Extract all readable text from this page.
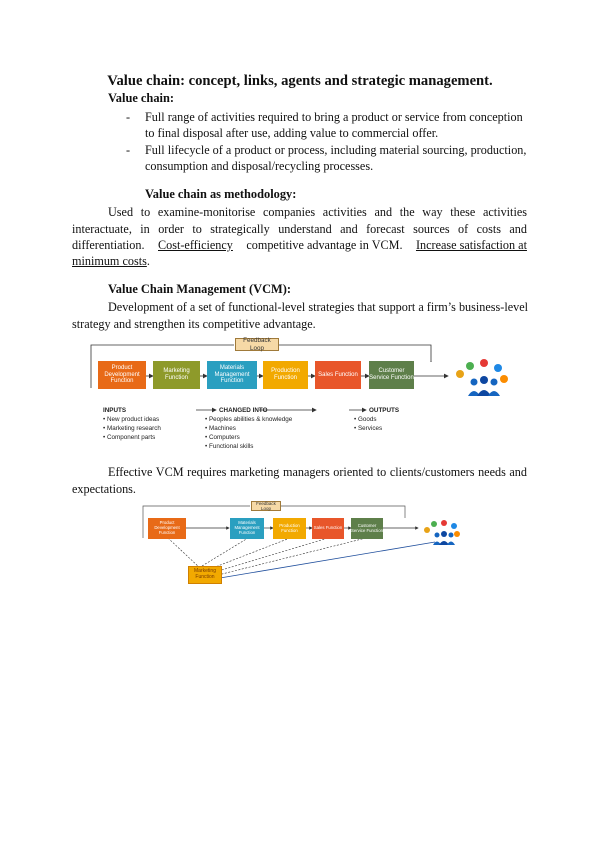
Value chain: concept, links, agents and strategic management.
Value chain:
- Full range of activities required to bring a product or service from conception
to final disposal after use, adding value to commercial offer.
- Full lifecycle of a product or process, including material sourcing, production,
consumption and disposal/recycling processes.
Value chain as methodology:
Used to examine-monitorise companies activities and the way these activities
interactuate, in order to strategically understand and forecast sources of costs and
differentiation. Cost-efficiency competitive advantage in VCM. Increase satisfaction at
minimum costs.
Value Chain Management (VCM):
Development of a set of functional-level strategies that support a firm’s business-level
strategy and strengthen its competitive advantage.
Feedback Loop
Product Development Function
Marketing Function
Materials Management Function
Production Function
Sales Function
Customer Service Function
INPUTS
• New product ideas
• Marketing research
• Component parts
CHANGED INTO
• Peoples abilities & knowledge
• Machines
• Computers
• Functional skills
OUTPUTS
• Goods
• Services
Effective VCM requires marketing managers oriented to clients/customers needs and
expectations.
Feedback Loop
Product Development Function
Materials Management Function
Production Function	Sales Function	Customer Service Function
Marketing Function
